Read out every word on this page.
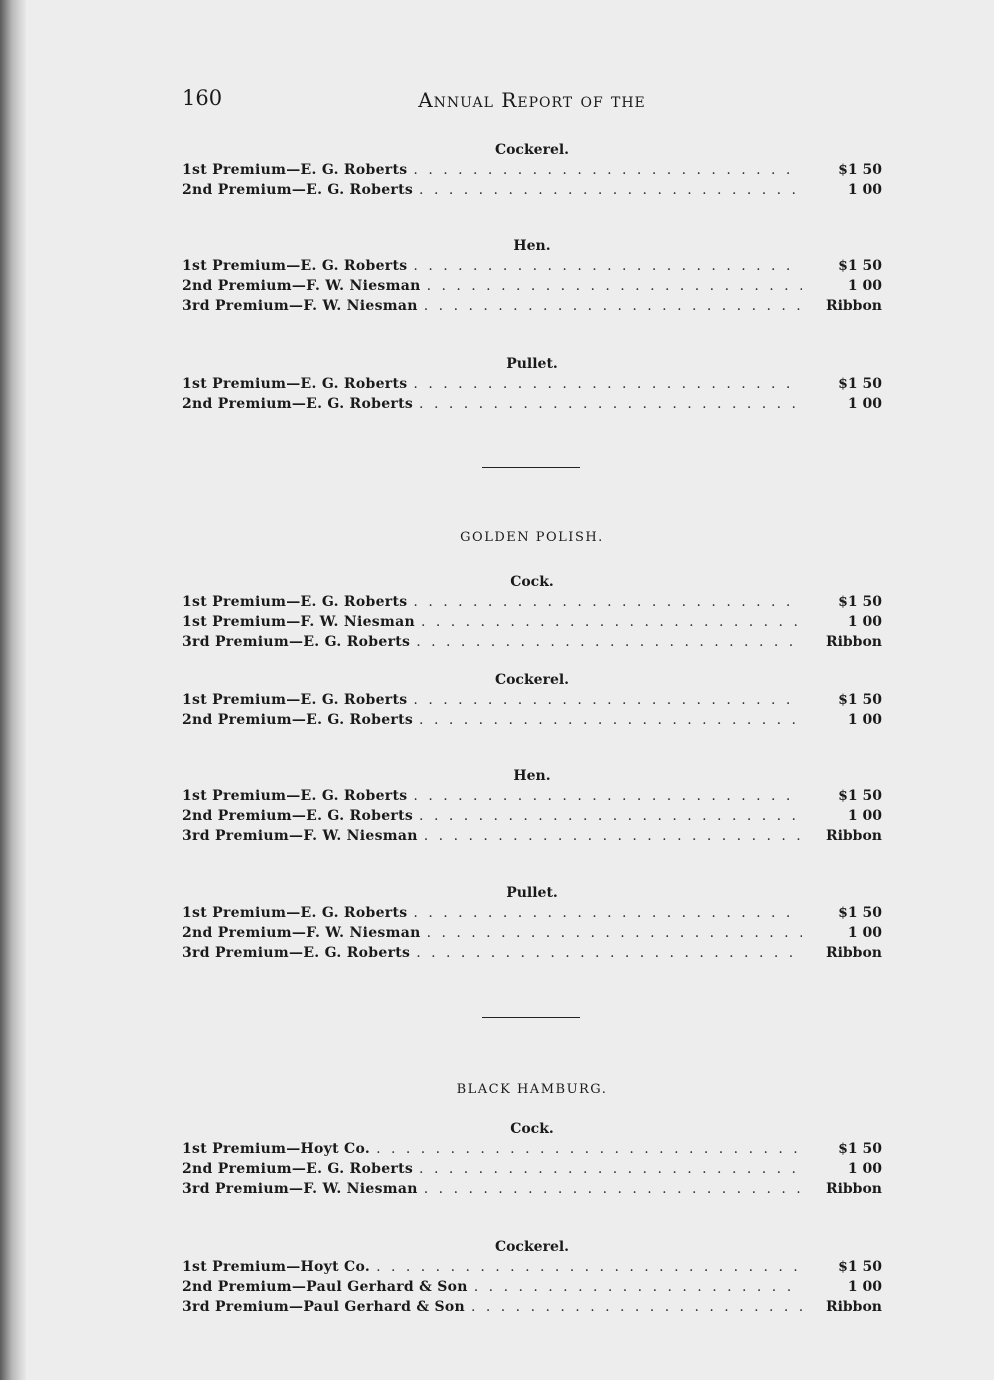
160	Annual Report of the
Cockerel.
1st Premium—E. G. Roberts . . .	$1 50
2nd Premium—E. G. Roberts . . .	1 00
Hen.
1st Premium—E. G. Roberts . . .	$1 50
2nd Premium—F. W. Niesman . . .	1 00
3rd Premium—F. W. Niesman . . .	Ribbon
Pullet.
1st Premium—E. G. Roberts . . .	$1 50
2nd Premium—E. G. Roberts . . .	1 00
GOLDEN POLISH.
Cock.
1st Premium—E. G. Roberts . . .	$1 50
1st Premium—F. W. Niesman . . .	1 00
3rd Premium—E. G. Roberts . . .	Ribbon
Cockerel.
1st Premium—E. G. Roberts . . .	$1 50
2nd Premium—E. G. Roberts . . .	1 00
Hen.
1st Premium—E. G. Roberts . . .	$1 50
2nd Premium—E. G. Roberts . . .	1 00
3rd Premium—F. W. Niesman . . .	Ribbon
Pullet.
1st Premium—E. G. Roberts . . .	$1 50
2nd Premium—F. W. Niesman . . .	1 00
3rd Premium—E. G. Roberts . . .	Ribbon
BLACK HAMBURG.
Cock.
1st Premium—Hoyt Co. . . .	$1 50
2nd Premium—E. G. Roberts . . .	1 00
3rd Premium—F. W. Niesman . . .	Ribbon
Cockerel.
1st Premium—Hoyt Co. . . .	$1 50
2nd Premium—Paul Gerhard & Son . . .	1 00
3rd Premium—Paul Gerhard & Son . . .	Ribbon
